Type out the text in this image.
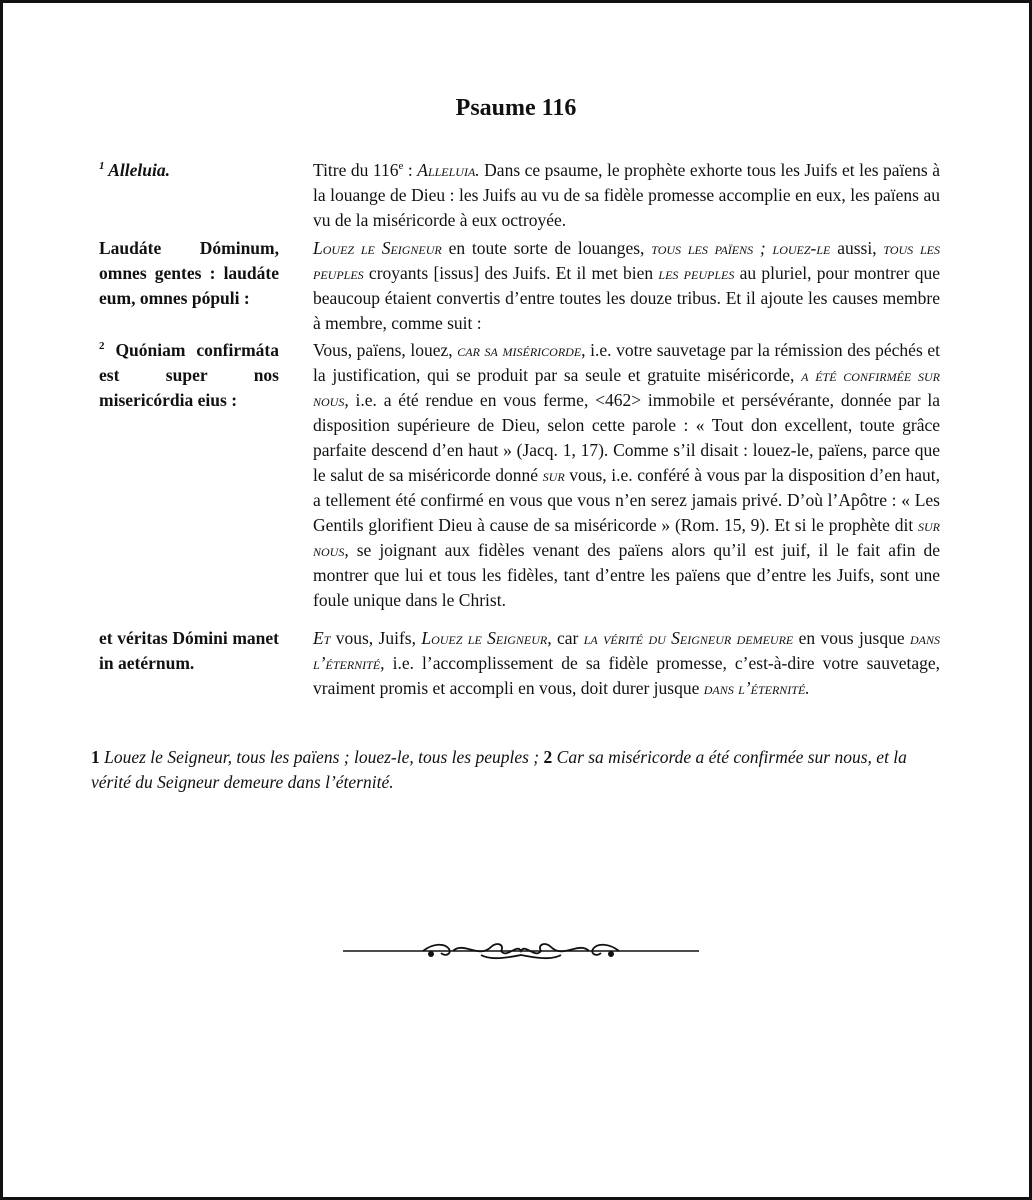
Psaume 116
$^1$ Alleluia.	Titre du 116e : Alleluia. Dans ce psaume, le prophète exhorte tous les Juifs et les païens à la louange de Dieu : les Juifs au vu de sa fidèle promesse accomplie en eux, les païens au vu de la miséricorde à eux octroyée.
Laudáte Dóminum, omnes gentes : laudáte eum, omnes pópuli :
Louez le Seigneur en toute sorte de louanges, tous les païens ; louez-le aussi, tous les peuples croyants [issus] des Juifs. Et il met bien les peuples au pluriel, pour montrer que beaucoup étaient convertis d’entre toutes les douze tribus. Et il ajoute les causes membre à membre, comme suit :
$^2$ Quóniam confirmáta est super nos misericórdia eius :
Vous, païens, louez, car sa miséricorde, i.e. votre sauvetage par la rémission des péchés et la justification, qui se produit par sa seule et gratuite miséricorde, a été confirmée sur nous, i.e. a été rendue en vous ferme, <462> immobile et persévérante, donnée par la disposition supérieure de Dieu, selon cette parole : « Tout don excellent, toute grâce parfaite descend d’en haut » (Jacq. 1, 17). Comme s’il disait : louez-le, païens, parce que le salut de sa miséricorde donné sur vous, i.e. conféré à vous par la disposition d’en haut, a tellement été confirmé en vous que vous n’en serez jamais privé. D’où l’Apôtre : « Les Gentils glorifient Dieu à cause de sa miséricorde » (Rom. 15, 9). Et si le prophète dit sur nous, se joignant aux fidèles venant des païens alors qu’il est juif, il le fait afin de montrer que lui et tous les fidèles, tant d’entre les païens que d’entre les Juifs, sont une foule unique dans le Christ.
et véritas Dómini manet in aetérnum.
Et vous, Juifs, Louez le Seigneur, car la vérité du Seigneur demeure en vous jusque dans l’éternité, i.e. l’accomplissement de sa fidèle promesse, c’est-à-dire votre sauvetage, vraiment promis et accompli en vous, doit durer jusque dans l’éternité.
1 Louez le Seigneur, tous les païens ; louez-le, tous les peuples ; 2 Car sa miséricorde a été confirmée sur nous, et la vérité du Seigneur demeure dans l’éternité.
